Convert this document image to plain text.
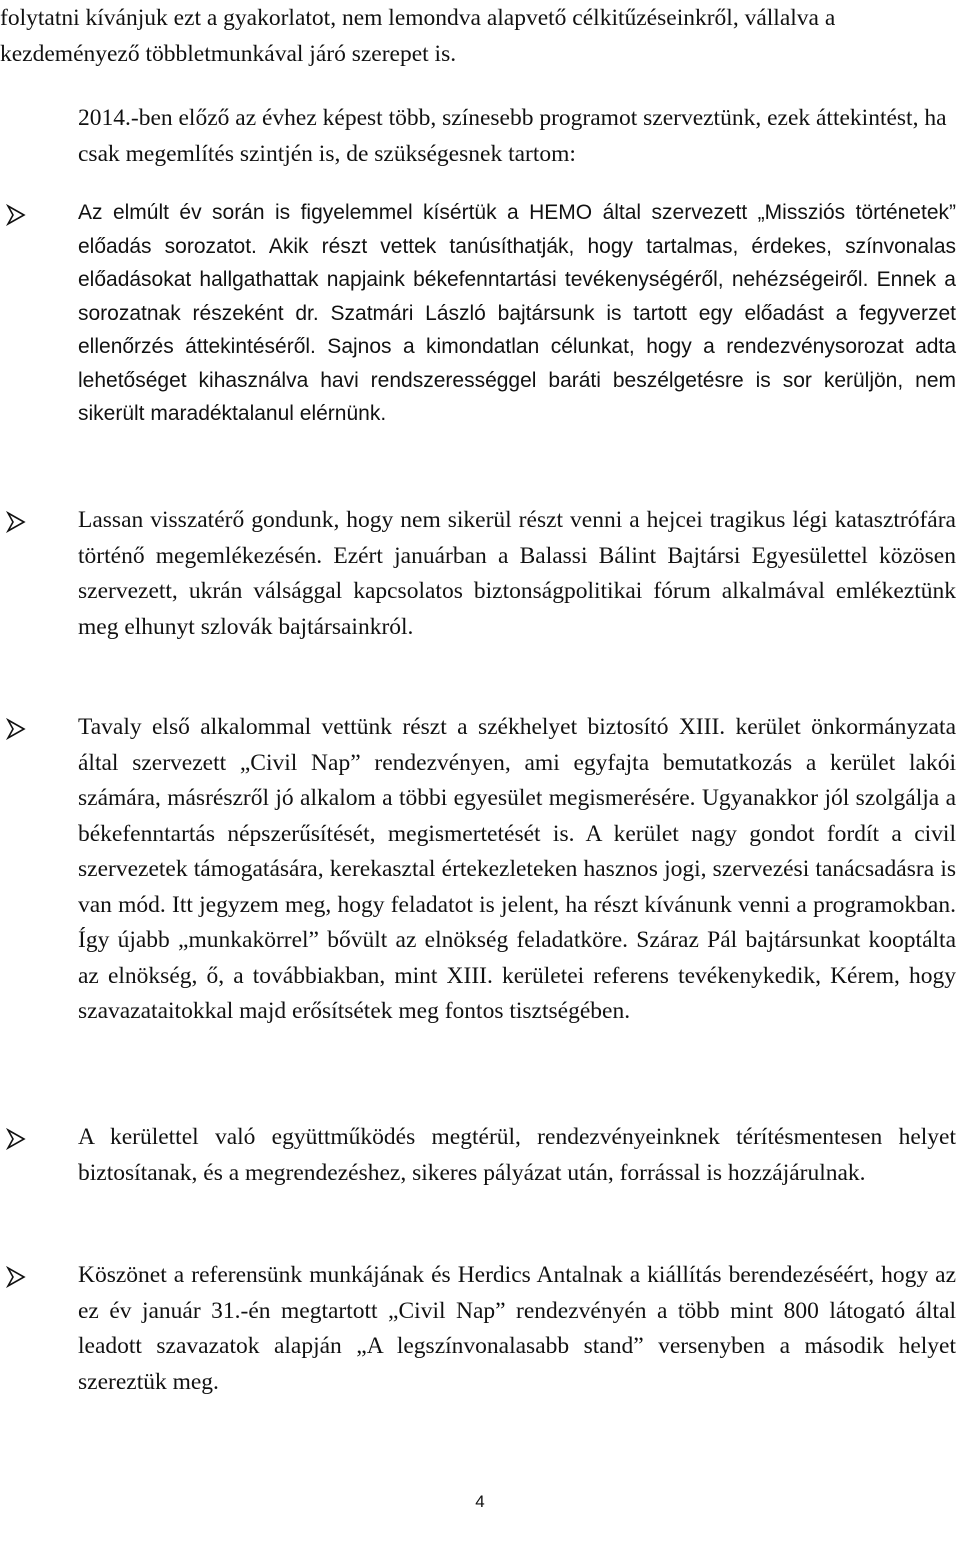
folytatni kívánjuk ezt a gyakorlatot, nem lemondva alapvető célkitűzéseinkről, vállalva a kezdeményező többletmunkával járó szerepet is.

2014.-ben előző az évhez képest több, színesebb programot szerveztünk, ezek áttekintést, ha csak megemlítés szintjén is, de szükségesnek tartom:

Az elmúlt év során is figyelemmel kísértük a HEMO által szervezett „Missziós történetek” előadás sorozatot. Akik részt vettek tanúsíthatják, hogy tartalmas, érdekes, színvonalas előadásokat hallgathattak napjaink békefenntartási tevékenységéről, nehézségeiről. Ennek a sorozatnak részeként dr. Szatmári László bajtársunk is tartott egy előadást a fegyverzet ellenőrzés áttekintéséről. Sajnos a kimondatlan célunkat, hogy a rendezvénysorozat adta lehetőséget kihasználva havi rendszerességgel baráti beszélgetésre is sor kerüljön, nem sikerült maradéktalanul elérnünk.
Lassan visszatérő gondunk, hogy nem sikerül részt venni a hejcei tragikus légi katasztrófára történő megemlékezésén. Ezért januárban a Balassi Bálint Bajtársi Egyesülettel közösen szervezett, ukrán válsággal kapcsolatos biztonságpolitikai fórum alkalmával emlékeztünk meg elhunyt szlovák bajtársainkról.
Tavaly első alkalommal vettünk részt a székhelyet biztosító XIII. kerület önkormányzata által szervezett „Civil Nap” rendezvényen, ami egyfajta bemutatkozás a kerület lakói számára, másrészről jó alkalom a többi egyesület megismerésére. Ugyanakkor jól szolgálja a békefenntartás népszerűsítését, megismertetését is. A kerület nagy gondot fordít a civil szervezetek támogatására, kerekasztal értekezleteken hasznos jogi, szervezési tanácsadásra is van mód. Itt jegyzem meg, hogy feladatot is jelent, ha részt kívánunk venni a programokban. Így újabb „munkakörrel” bővült az elnökség feladatköre. Száraz Pál bajtársunkat kooptálta az elnökség, ő, a továbbiakban, mint XIII. kerületei referens tevékenykedik, Kérem, hogy szavazataitokkal majd erősítsétek meg fontos tisztségében.
A kerülettel való együttműködés megtérül, rendezvényeinknek térítésmentesen helyet biztosítanak, és a megrendezéshez, sikeres pályázat után, forrással is hozzájárulnak.
Köszönet a referensünk munkájának és Herdics Antalnak a kiállítás berendezéséért, hogy az ez év január 31.-én megtartott „Civil Nap” rendezvényén a több mint 800 látogató által leadott szavazatok alapján „A legszínvonalasabb stand” versenyben a második helyet szereztük meg.
4
